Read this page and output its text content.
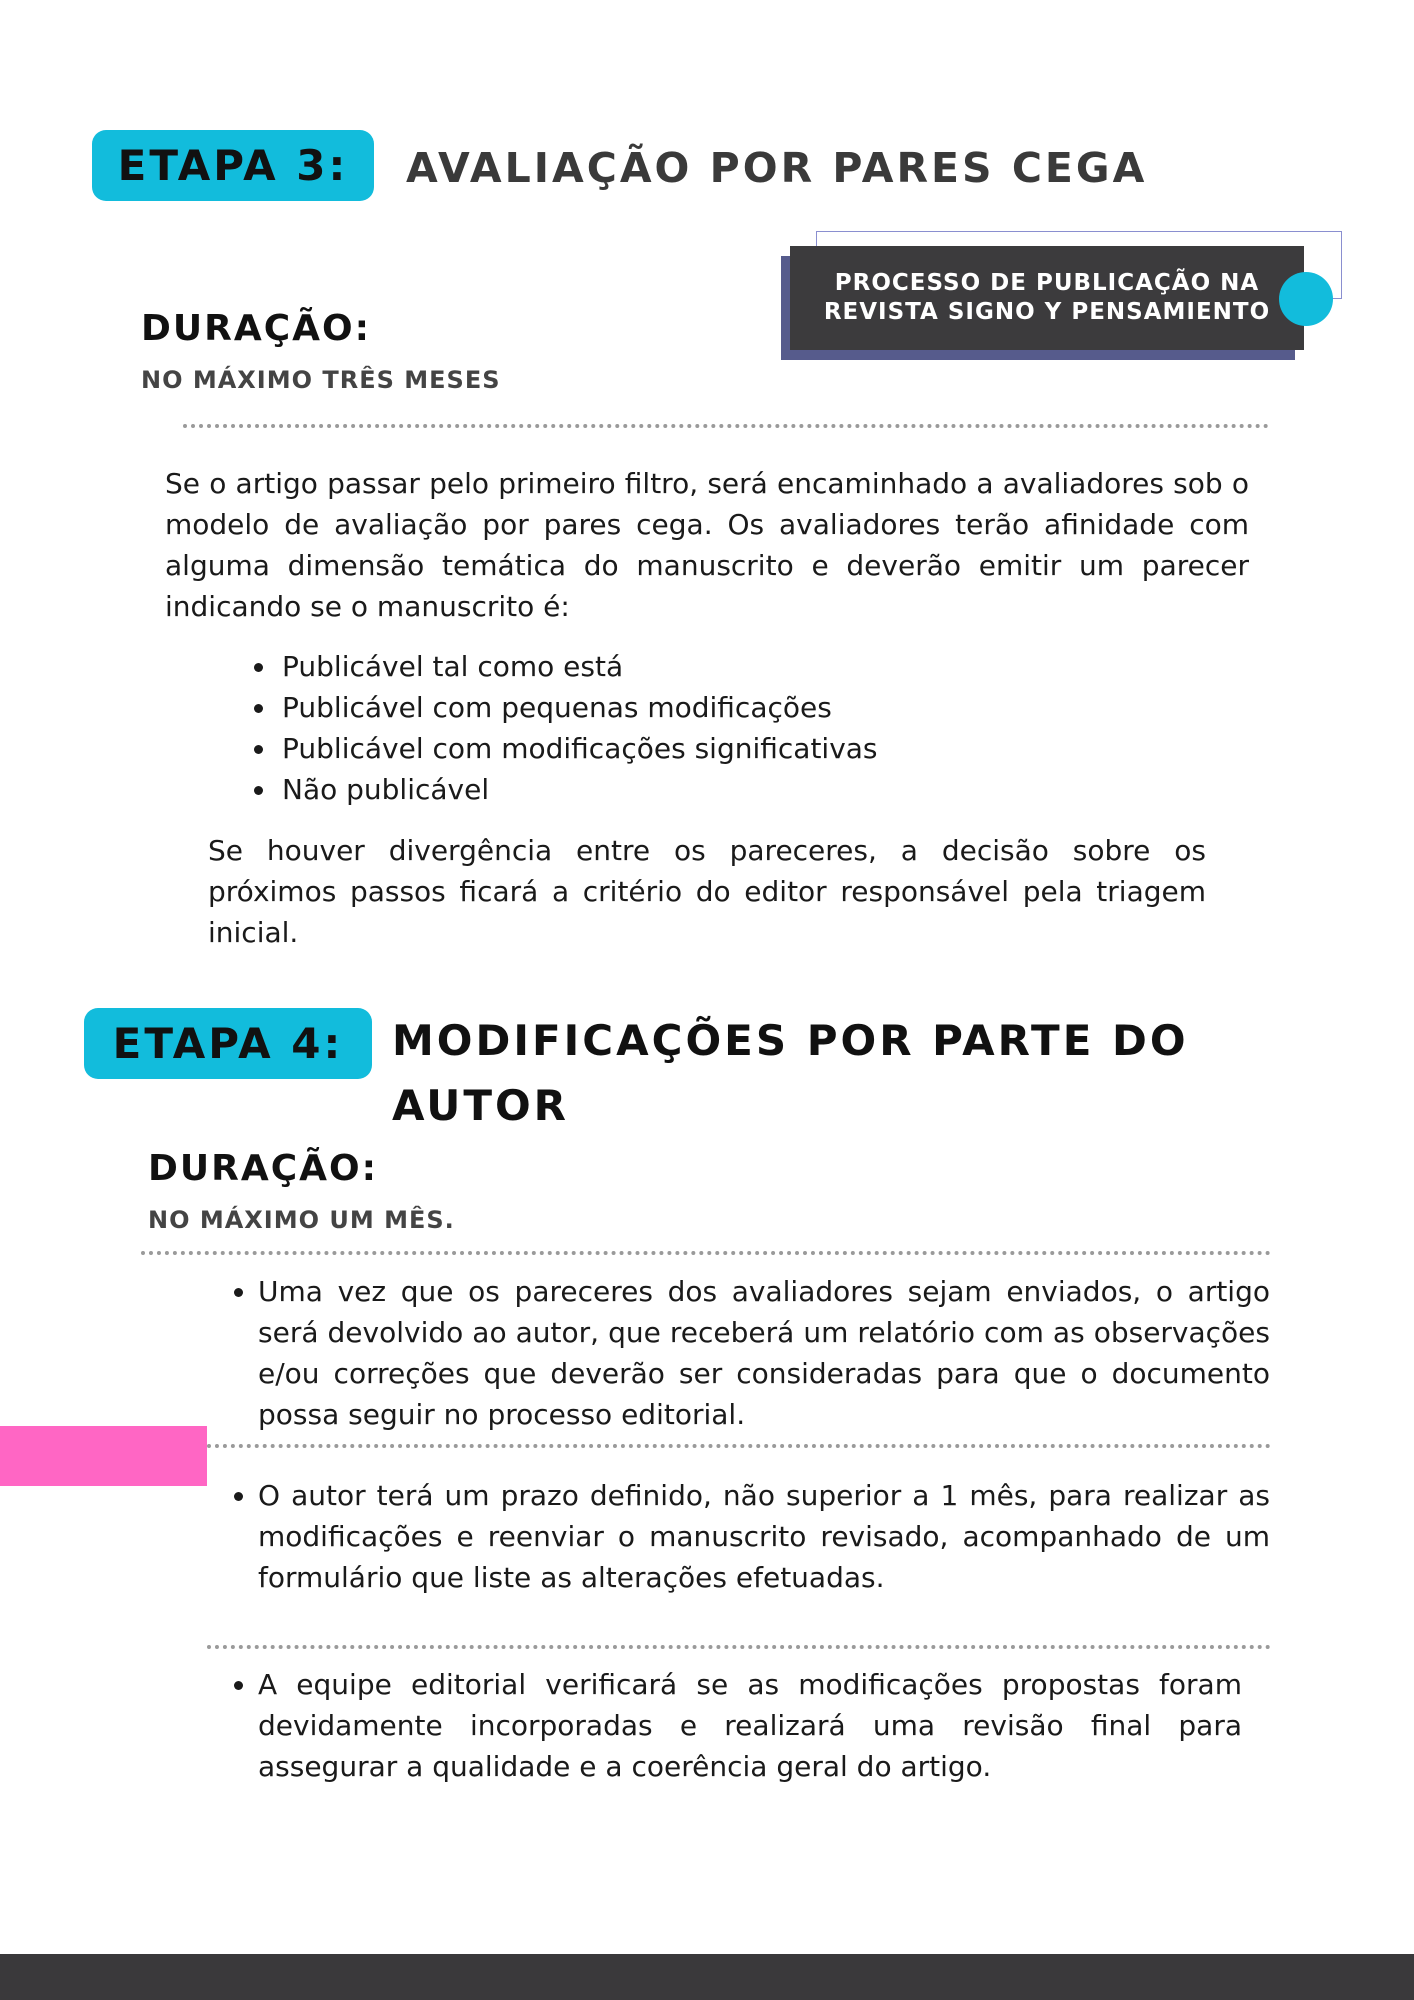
ETAPA 3: AVALIAÇÃO POR PARES CEGA
PROCESSO DE PUBLICAÇÃO NA REVISTA SIGNO Y PENSAMIENTO
DURAÇÃO:
NO MÁXIMO TRÊS MESES
Se o artigo passar pelo primeiro filtro, será encaminhado a avaliadores sob o modelo de avaliação por pares cega. Os avaliadores terão afinidade com alguma dimensão temática do manuscrito e deverão emitir um parecer indicando se o manuscrito é:
• Publicável tal como está
• Publicável com pequenas modificações
• Publicável com modificações significativas
• Não publicável
Se houver divergência entre os pareceres, a decisão sobre os próximos passos ficará a critério do editor responsável pela triagem inicial.
ETAPA 4: MODIFICAÇÕES POR PARTE DO
AUTOR
DURAÇÃO:
NO MÁXIMO UM MÊS.
• Uma vez que os pareceres dos avaliadores sejam enviados, o artigo será devolvido ao autor, que receberá um relatório com as observações e/ou correções que deverão ser consideradas para que o documento possa seguir no processo editorial.
• O autor terá um prazo definido, não superior a 1 mês, para realizar as modificações e reenviar o manuscrito revisado, acompanhado de um formulário que liste as alterações efetuadas.
• A equipe editorial verificará se as modificações propostas foram devidamente incorporadas e realizará uma revisão final para assegurar a qualidade e a coerência geral do artigo.
